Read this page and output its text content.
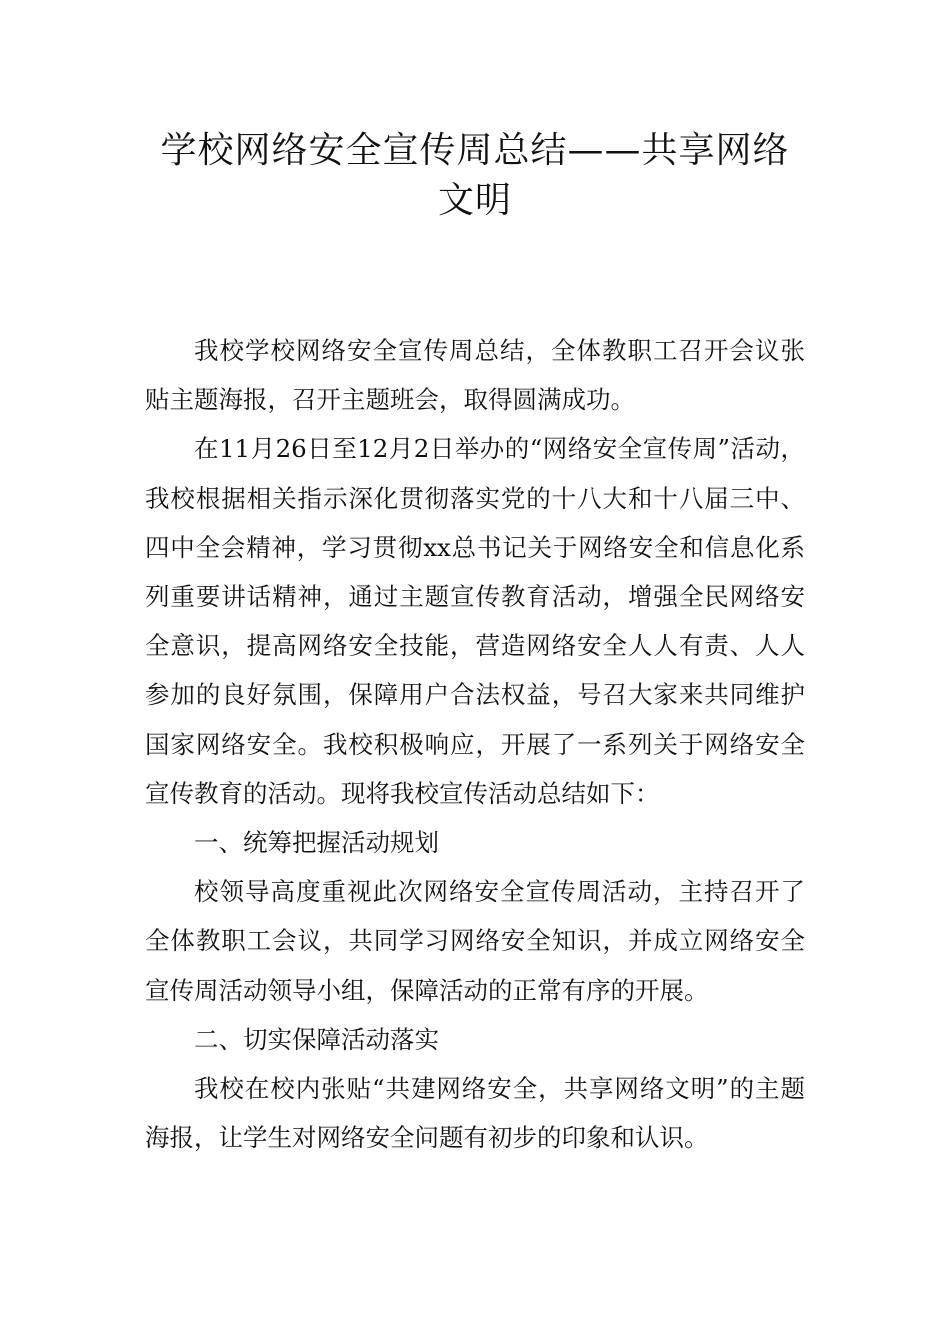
学校网络安全宣传周总结——共享网络文明

我校学校网络安全宣传周总结，全体教职工召开会议张贴主题海报，召开主题班会，取得圆满成功。

在11月26日至12月2日举办的“网络安全宣传周”活动，我校根据相关指示深化贯彻落实党的十八大和十八届三中、四中全会精神，学习贯彻xx总书记关于网络安全和信息化系列重要讲话精神，通过主题宣传教育活动，增强全民网络安全意识，提高网络安全技能，营造网络安全人人有责、人人参加的良好氛围，保障用户合法权益，号召大家来共同维护国家网络安全。我校积极响应，开展了一系列关于网络安全宣传教育的活动。现将我校宣传活动总结如下：

一、统筹把握活动规划

校领导高度重视此次网络安全宣传周活动，主持召开了全体教职工会议，共同学习网络安全知识，并成立网络安全宣传周活动领导小组，保障活动的正常有序的开展。

二、切实保障活动落实

我校在校内张贴“共建网络安全，共享网络文明”的主题海报，让学生对网络安全问题有初步的印象和认识。
